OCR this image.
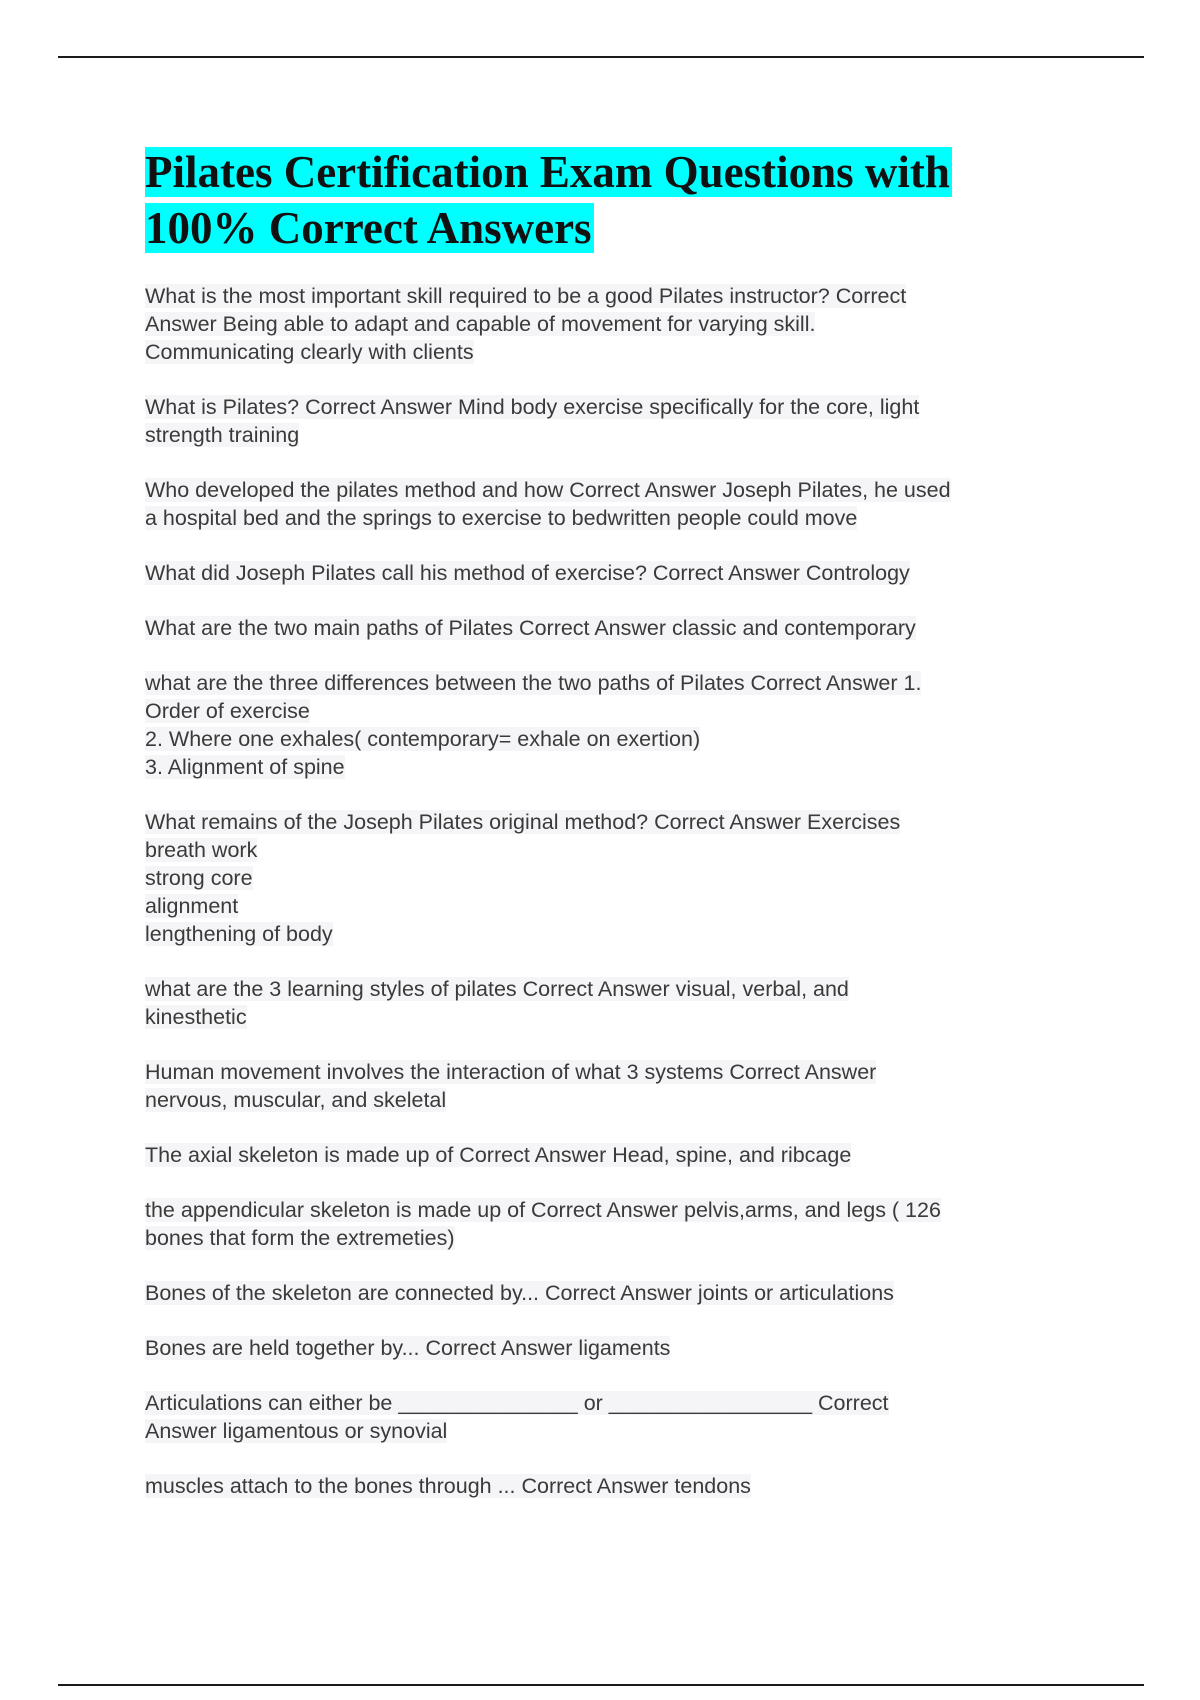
Pilates Certification Exam Questions with
100% Correct Answers
What is the most important skill required to be a good Pilates instructor? Correct
Answer Being able to adapt and capable of movement for varying skill.
Communicating clearly with clients
What is Pilates? Correct Answer Mind body exercise specifically for the core, light
strength training
Who developed the pilates method and how Correct Answer Joseph Pilates, he used
a hospital bed and the springs to exercise to bedwritten people could move
What did Joseph Pilates call his method of exercise? Correct Answer Contrology
What are the two main paths of Pilates Correct Answer classic and contemporary
what are the three differences between the two paths of Pilates Correct Answer 1.
Order of exercise
2. Where one exhales( contemporary= exhale on exertion)
3. Alignment of spine
What remains of the Joseph Pilates original method? Correct Answer Exercises
breath work
strong core
alignment
lengthening of body
what are the 3 learning styles of pilates Correct Answer visual, verbal, and
kinesthetic
Human movement involves the interaction of what 3 systems Correct Answer
nervous, muscular, and skeletal
The axial skeleton is made up of Correct Answer Head, spine, and ribcage
the appendicular skeleton is made up of Correct Answer pelvis,arms, and legs ( 126
bones that form the extremeties)
Bones of the skeleton are connected by... Correct Answer joints or articulations
Bones are held together by... Correct Answer ligaments
Articulations can either be _______________ or _________________ Correct
Answer ligamentous or synovial
muscles attach to the bones through ... Correct Answer tendons
